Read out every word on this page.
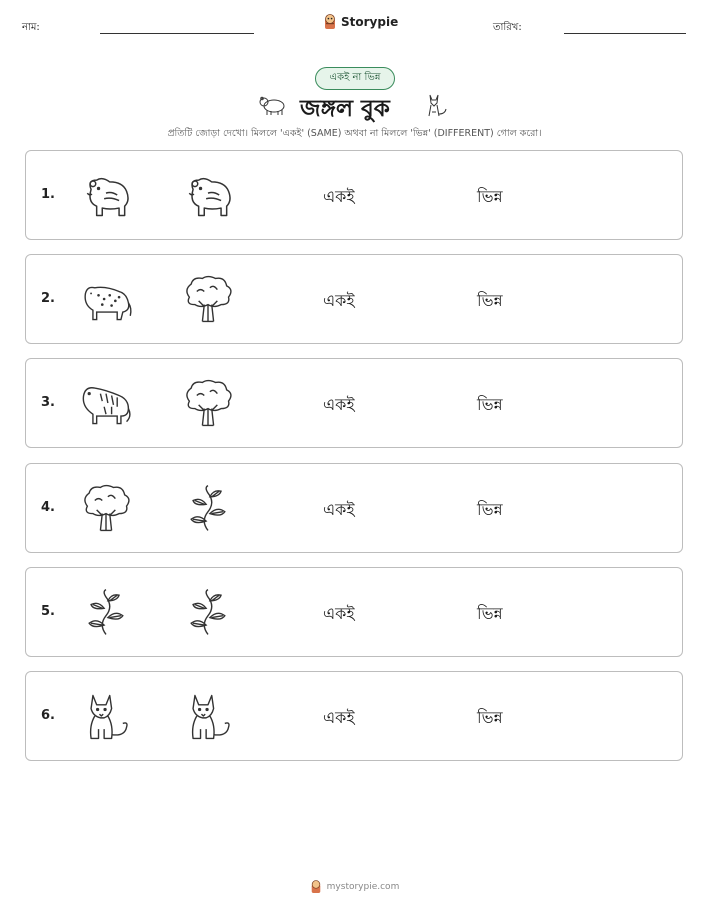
নাম:	Storypie	তারিখ:
একই না ভিন্ন
জঙ্গল বুক
প্রতিটি জোড়া দেখো। মিললে 'একই' (SAME) অথবা না মিললে 'ভিন্ন' (DIFFERENT) গোল করো।
1.	একই	ভিন্ন
2.	একই	ভিন্ন
3.	একই	ভিন্ন
4.	একই	ভিন্ন
5.	একই	ভিন্ন
6.	একই	ভিন্ন
mystorypie.com
